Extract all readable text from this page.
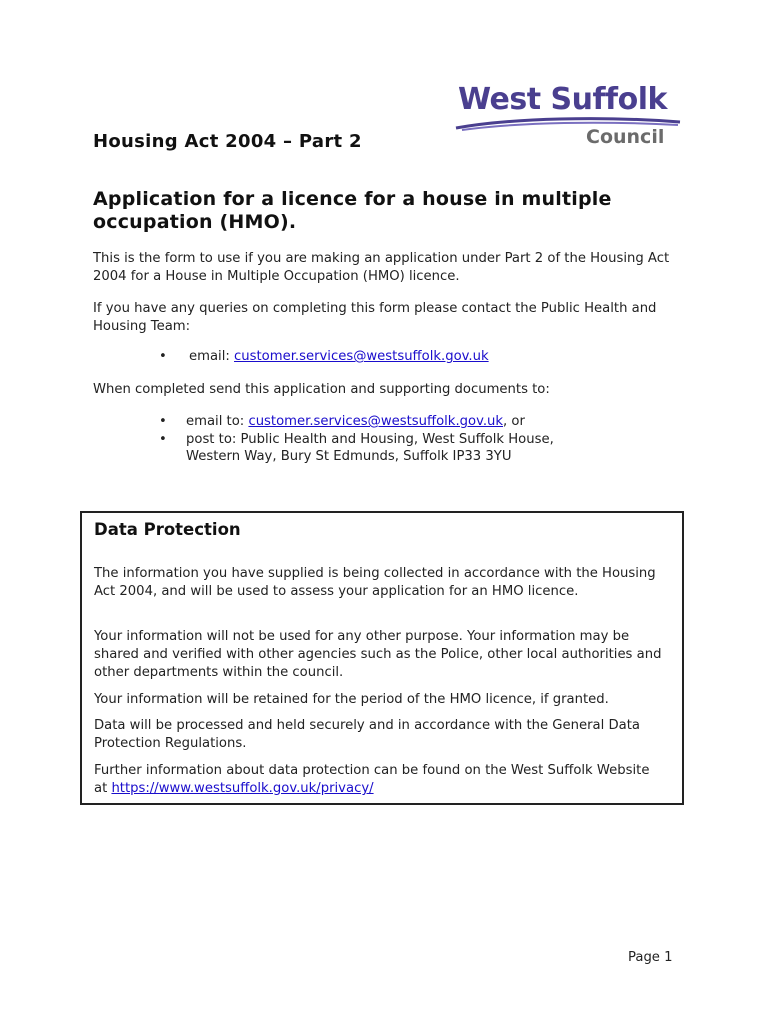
West Suffolk
Council
Housing Act 2004 – Part 2
Application for a licence for a house in multiple occupation (HMO).

This is the form to use if you are making an application under Part 2 of the Housing Act 2004 for a House in Multiple Occupation (HMO) licence.

If you have any queries on completing this form please contact the Public Health and Housing Team:

• email: customer.services@westsuffolk.gov.uk

When completed send this application and supporting documents to:

• email to: customer.services@westsuffolk.gov.uk, or
• post to: Public Health and Housing, West Suffolk House,
Western Way, Bury St Edmunds, Suffolk IP33 3YU
Data Protection

The information you have supplied is being collected in accordance with the Housing Act 2004, and will be used to assess your application for an HMO licence.

Your information will not be used for any other purpose. Your information may be shared and verified with other agencies such as the Police, other local authorities and other departments within the council.

Your information will be retained for the period of the HMO licence, if granted.

Data will be processed and held securely and in accordance with the General Data Protection Regulations.

Further information about data protection can be found on the West Suffolk Website at https://www.westsuffolk.gov.uk/privacy/

Page 1
